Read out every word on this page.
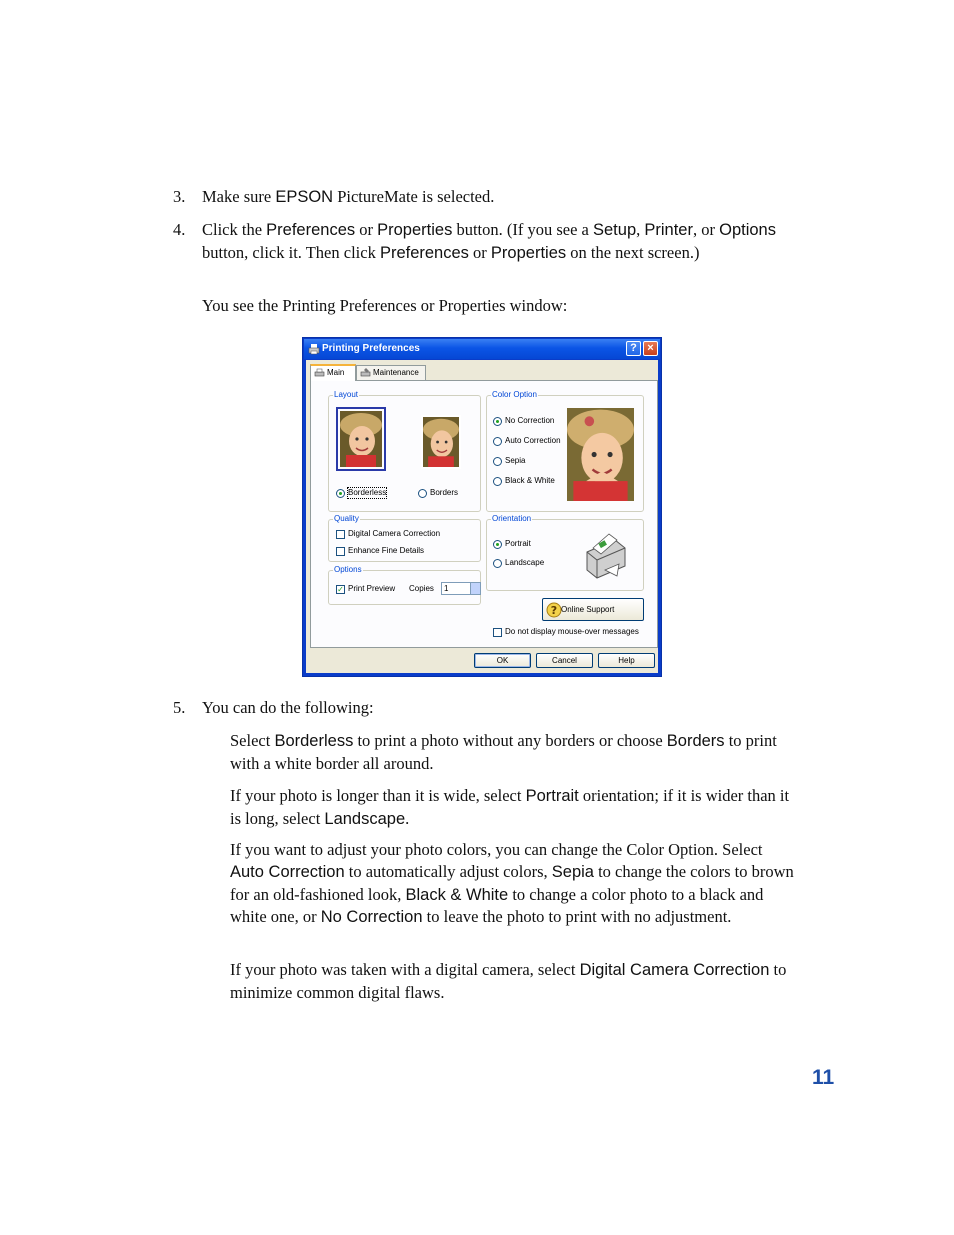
3. Make sure EPSON PictureMate is selected.
4. Click the Preferences or Properties button. (If you see a Setup, Printer, or Options button, click it. Then click Preferences or Properties on the next screen.)
You see the Printing Preferences or Properties window:
Printing Preferences	? ×
Main	Maintenance
Layout
Borderless	Borders
Color Option
No Correction
Auto Correction
Sepia
Black & White
Quality
Digital Camera Correction
Enhance Fine Details
Options
✓ Print Preview Copies	1
Orientation
Portrait
Landscape
? Online Support
Do not display mouse-over messages
OK	Cancel	Help
5. You can do the following:
Select Borderless to print a photo without any borders or choose Borders to print with a white border all around.
If your photo is longer than it is wide, select Portrait orientation; if it is wider than it is long, select Landscape.
If you want to adjust your photo colors, you can change the Color Option. Select Auto Correction to automatically adjust colors, Sepia to change the colors to brown for an old-fashioned look, Black & White to change a color photo to a black and white one, or No Correction to leave the photo to print with no adjustment.
If your photo was taken with a digital camera, select Digital Camera Correction to minimize common digital flaws.
11
